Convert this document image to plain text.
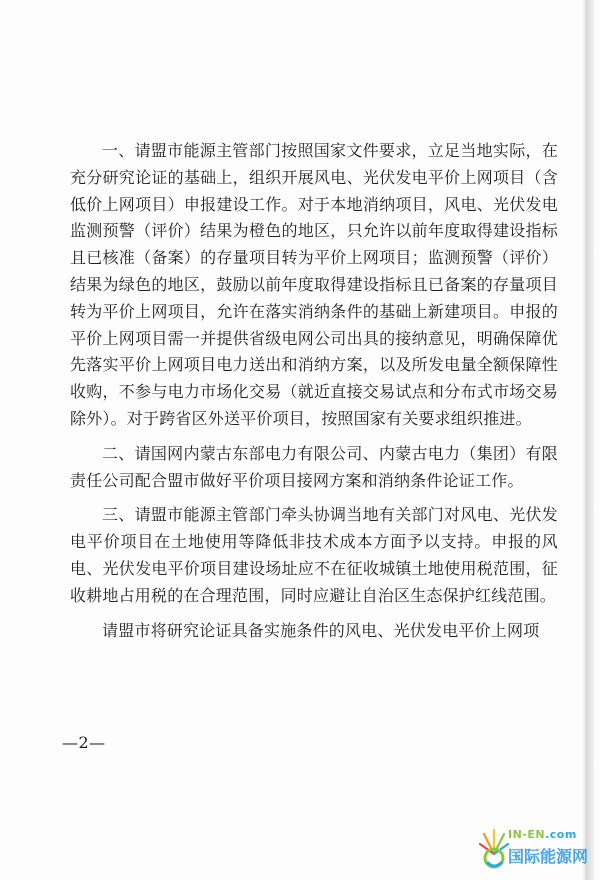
一、请盟市能源主管部门按照国家文件要求，立足当地实际，在充分研究论证的基础上，组织开展风电、光伏发电平价上网项目（含低价上网项目）申报建设工作。对于本地消纳项目，风电、光伏发电监测预警（评价）结果为橙色的地区，只允许以前年度取得建设指标且已核准（备案）的存量项目转为平价上网项目；监测预警（评价）结果为绿色的地区，鼓励以前年度取得建设指标且已备案的存量项目转为平价上网项目，允许在落实消纳条件的基础上新建项目。申报的平价上网项目需一并提供省级电网公司出具的接纳意见，明确保障优先落实平价上网项目电力送出和消纳方案，以及所发电量全额保障性收购，不参与电力市场化交易（就近直接交易试点和分布式市场交易除外）。对于跨省区外送平价项目，按照国家有关要求组织推进。

二、请国网内蒙古东部电力有限公司、内蒙古电力（集团）有限责任公司配合盟市做好平价项目接网方案和消纳条件论证工作。

三、请盟市能源主管部门牵头协调当地有关部门对风电、光伏发电平价项目在土地使用等降低非技术成本方面予以支持。申报的风电、光伏发电平价项目建设场址应不在征收城镇土地使用税范围，征收耕地占用税的在合理范围，同时应避让自治区生态保护红线范围。

请盟市将研究论证具备实施条件的风电、光伏发电平价上网项

—2—
IN-EN.com
国际能源网
